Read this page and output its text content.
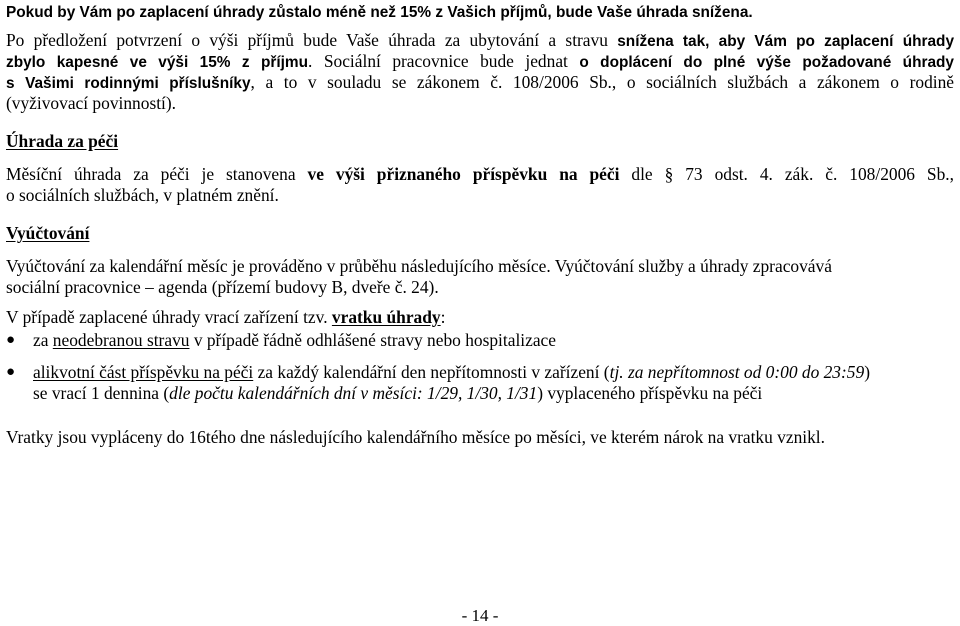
Pokud by Vám po zaplacení úhrady zůstalo méně než 15% z Vašich příjmů, bude Vaše úhrada snížena.
Po předložení potvrzení o výši příjmů bude Vaše úhrada za ubytování a stravu snížena tak, aby Vám po zaplacení úhrady
zbylo kapesné ve výši 15% z příjmu. Sociální pracovnice bude jednat o doplácení do plné výše požadované úhrady
s Vašimi rodinnými příslušníky, a to v souladu se zákonem č. 108/2006 Sb., o sociálních službách a zákonem o rodině
(vyživovací povinností).
Úhrada za péči
Měsíční úhrada za péči je stanovena ve výši přiznaného příspěvku na péči dle § 73 odst. 4. zák. č. 108/2006 Sb.,
o sociálních službách, v platném znění.
Vyúčtování
Vyúčtování za kalendářní měsíc je prováděno v průběhu následujícího měsíce. Vyúčtování služby a úhrady zpracovává
sociální pracovnice – agenda (přízemí budovy B, dveře č. 24).
V případě zaplacené úhrady vrací zařízení tzv. vratku úhrady:
● za neodebranou stravu v případě řádně odhlášené stravy nebo hospitalizace
● alikvotní část příspěvku na péči za každý kalendářní den nepřítomnosti v zařízení (tj. za nepřítomnost od 0:00 do 23:59)
se vrací 1 dennina (dle počtu kalendářních dní v měsíci: 1/29, 1/30, 1/31) vyplaceného příspěvku na péči
Vratky jsou vypláceny do 16tého dne následujícího kalendářního měsíce po měsíci, ve kterém nárok na vratku vznikl.
- 14 -
